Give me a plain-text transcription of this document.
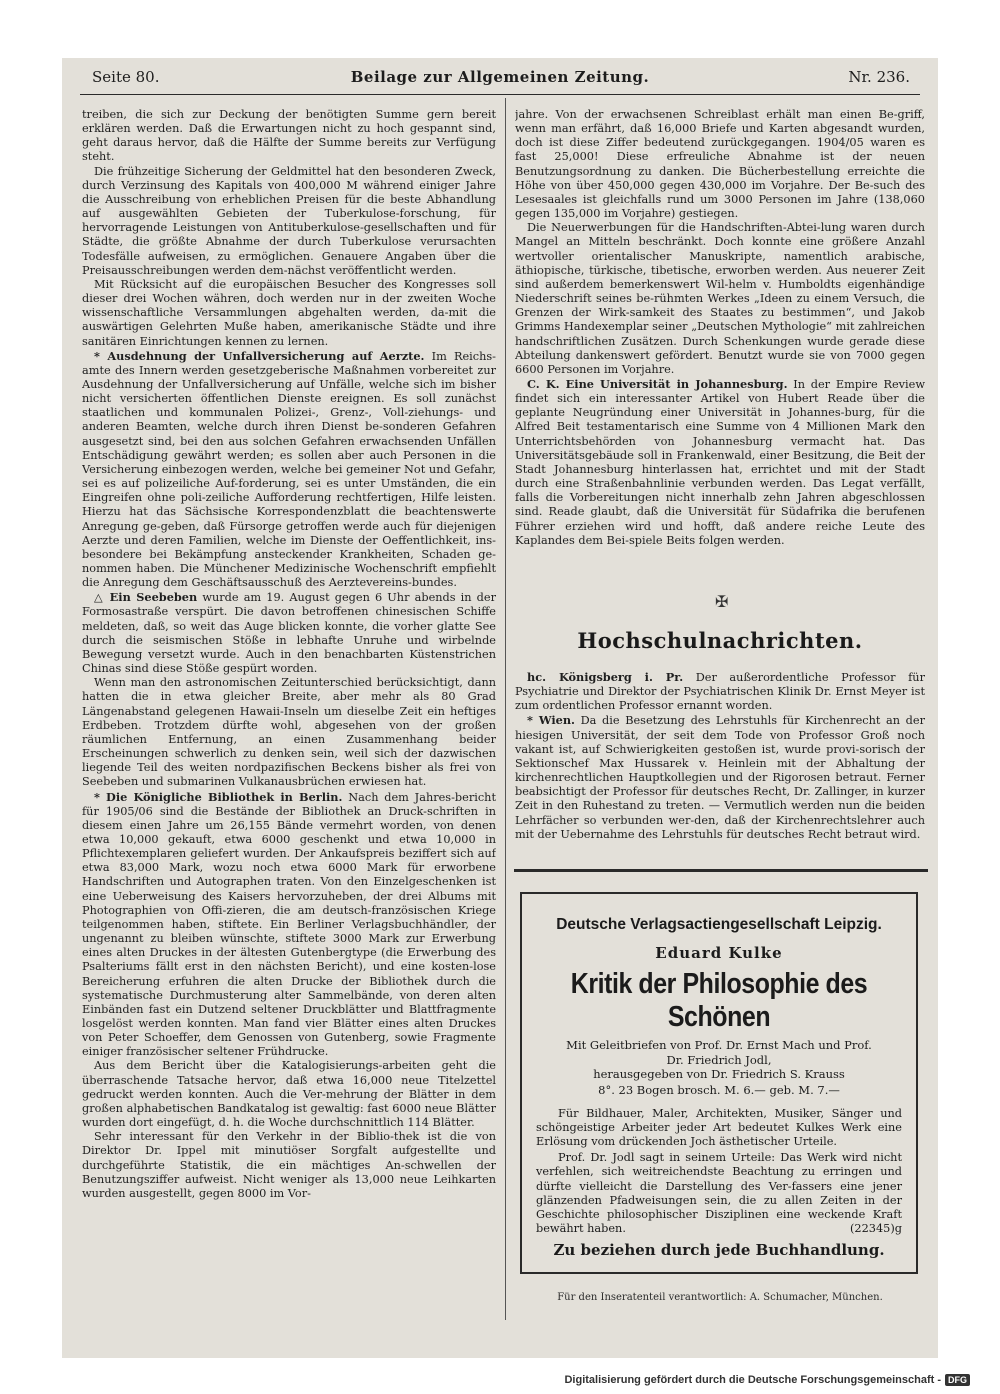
Seite 80.	Beilage zur Allgemeinen Zeitung.	Nr. 236.

treiben, die sich zur Deckung der benötigten Summe gern bereit erklären werden. Daß die Erwartungen nicht zu hoch gespannt sind, geht daraus hervor, daß die Hälfte der Summe bereits zur Verfügung steht.

Die frühzeitige Sicherung der Geldmittel hat den besonderen Zweck, durch Verzinsung des Kapitals von 400,000 M während einiger Jahre die Ausschreibung von erheblichen Preisen für die beste Abhandlung auf ausgewählten Gebieten der Tuberkulose-forschung, für hervorragende Leistungen von Antituberkulose-gesellschaften und für Städte, die größte Abnahme der durch Tuberkulose verursachten Todesfälle aufweisen, zu ermöglichen. Genauere Angaben über die Preisausschreibungen werden dem-nächst veröffentlicht werden.

Mit Rücksicht auf die europäischen Besucher des Kongresses soll dieser drei Wochen währen, doch werden nur in der zweiten Woche wissenschaftliche Versammlungen abgehalten werden, da-mit die auswärtigen Gelehrten Muße haben, amerikanische Städte und ihre sanitären Einrichtungen kennen zu lernen.

* Ausdehnung der Unfallversicherung auf Aerzte. Im Reichs-amte des Innern werden gesetzgeberische Maßnahmen vorbereitet zur Ausdehnung der Unfallversicherung auf Unfälle, welche sich im bisher nicht versicherten öffentlichen Dienste ereignen. Es soll zunächst staatlichen und kommunalen Polizei-, Grenz-, Voll-ziehungs- und anderen Beamten, welche durch ihren Dienst be-sonderen Gefahren ausgesetzt sind, bei den aus solchen Gefahren erwachsenden Unfällen Entschädigung gewährt werden; es sollen aber auch Personen in die Versicherung einbezogen werden, welche bei gemeiner Not und Gefahr, sei es auf polizeiliche Auf-forderung, sei es unter Umständen, die ein Eingreifen ohne poli-zeiliche Aufforderung rechtfertigen, Hilfe leisten. Hierzu hat das Sächsische Korrespondenzblatt die beachtenswerte Anregung ge-geben, daß Fürsorge getroffen werde auch für diejenigen Aerzte und deren Familien, welche im Dienste der Oeffentlichkeit, ins-besondere bei Bekämpfung ansteckender Krankheiten, Schaden ge-nommen haben. Die Münchener Medizinische Wochenschrift empfiehlt die Anregung dem Geschäftsausschuß des Aerztevereins-bundes.

△ Ein Seebeben wurde am 19. August gegen 6 Uhr abends in der Formosastraße verspürt. Die davon betroffenen chinesischen Schiffe meldeten, daß, so weit das Auge blicken konnte, die vorher glatte See durch die seismischen Stöße in lebhafte Unruhe und wirbelnde Bewegung versetzt wurde. Auch in den benachbarten Küstenstrichen Chinas sind diese Stöße gespürt worden.

Wenn man den astronomischen Zeitunterschied berücksichtigt, dann hatten die in etwa gleicher Breite, aber mehr als 80 Grad Längenabstand gelegenen Hawaii-Inseln um dieselbe Zeit ein heftiges Erdbeben. Trotzdem dürfte wohl, abgesehen von der großen räumlichen Entfernung, an einen Zusammenhang beider Erscheinungen schwerlich zu denken sein, weil sich der dazwischen liegende Teil des weiten nordpazifischen Beckens bisher als frei von Seebeben und submarinen Vulkanausbrüchen erwiesen hat.

* Die Königliche Bibliothek in Berlin. Nach dem Jahres-bericht für 1905/06 sind die Bestände der Bibliothek an Druck-schriften in diesem einen Jahre um 26,155 Bände vermehrt worden, von denen etwa 10,000 gekauft, etwa 6000 geschenkt und etwa 10,000 in Pflichtexemplaren geliefert wurden. Der Ankaufspreis beziffert sich auf etwa 83,000 Mark, wozu noch etwa 6000 Mark für erworbene Handschriften und Autographen traten. Von den Einzelgeschenken ist eine Ueberweisung des Kaisers hervorzuheben, der drei Albums mit Photographien von Offi-zieren, die am deutsch-französischen Kriege teilgenommen haben, stiftete. Ein Berliner Verlagsbuchhändler, der ungenannt zu bleiben wünschte, stiftete 3000 Mark zur Erwerbung eines alten Druckes in der ältesten Gutenbergtype (die Erwerbung des Psalteriums fällt erst in den nächsten Bericht), und eine kosten-lose Bereicherung erfuhren die alten Drucke der Bibliothek durch die systematische Durchmusterung alter Sammelbände, von deren alten Einbänden fast ein Dutzend seltener Druckblätter und Blattfragmente losgelöst werden konnten. Man fand vier Blätter eines alten Druckes von Peter Schoeffer, dem Genossen von Gutenberg, sowie Fragmente einiger französischer seltener Frühdrucke.

Aus dem Bericht über die Katalogisierungs-arbeiten geht die überraschende Tatsache hervor, daß etwa 16,000 neue Titelzettel gedruckt werden konnten. Auch die Ver-mehrung der Blätter in dem großen alphabetischen Bandkatalog ist gewaltig: fast 6000 neue Blätter wurden dort eingefügt, d. h. die Woche durchschnittlich 114 Blätter.

Sehr interessant für den Verkehr in der Biblio-thek ist die von Direktor Dr. Ippel mit minutiöser Sorgfalt aufgestellte und durchgeführte Statistik, die ein mächtiges An-schwellen der Benutzungsziffer aufweist. Nicht weniger als 13,000 neue Leihkarten wurden ausgestellt, gegen 8000 im Vor-

jahre. Von der erwachsenen Schreiblast erhält man einen Be-griff, wenn man erfährt, daß 16,000 Briefe und Karten abgesandt wurden, doch ist diese Ziffer bedeutend zurückgegangen. 1904/05 waren es fast 25,000! Diese erfreuliche Abnahme ist der neuen Benutzungsordnung zu danken. Die Bücherbestellung erreichte die Höhe von über 450,000 gegen 430,000 im Vorjahre. Der Be-such des Lesesaales ist gleichfalls rund um 3000 Personen im Jahre (138,060 gegen 135,000 im Vorjahre) gestiegen.

Die Neuerwerbungen für die Handschriften-Abtei-lung waren durch Mangel an Mitteln beschränkt. Doch konnte eine größere Anzahl wertvoller orientalischer Manuskripte, namentlich arabische, äthiopische, türkische, tibetische, erworben werden. Aus neuerer Zeit sind außerdem bemerkenswert Wil-helm v. Humboldts eigenhändige Niederschrift seines be-rühmten Werkes „Ideen zu einem Versuch, die Grenzen der Wirk-samkeit des Staates zu bestimmen“, und Jakob Grimms Handexemplar seiner „Deutschen Mythologie“ mit zahlreichen handschriftlichen Zusätzen. Durch Schenkungen wurde gerade diese Abteilung dankenswert gefördert. Benutzt wurde sie von 7000 gegen 6600 Personen im Vorjahre.

C. K. Eine Universität in Johannesburg. In der Empire Review findet sich ein interessanter Artikel von Hubert Reade über die geplante Neugründung einer Universität in Johannes-burg, für die Alfred Beit testamentarisch eine Summe von 4 Millionen Mark den Unterrichtsbehörden von Johannesburg vermacht hat. Das Universitätsgebäude soll in Frankenwald, einer Besitzung, die Beit der Stadt Johannesburg hinterlassen hat, errichtet und mit der Stadt durch eine Straßenbahnlinie verbunden werden. Das Legat verfällt, falls die Vorbereitungen nicht innerhalb zehn Jahren abgeschlossen sind. Reade glaubt, daß die Universität für Südafrika die berufenen Führer erziehen wird und hofft, daß andere reiche Leute des Kaplandes dem Bei-spiele Beits folgen werden.

✠
Hochschulnachrichten.

hc. Königsberg i. Pr. Der außerordentliche Professor für Psychiatrie und Direktor der Psychiatrischen Klinik Dr. Ernst Meyer ist zum ordentlichen Professor ernannt worden.

* Wien. Da die Besetzung des Lehrstuhls für Kirchenrecht an der hiesigen Universität, der seit dem Tode von Professor Groß noch vakant ist, auf Schwierigkeiten gestoßen ist, wurde provi-sorisch der Sektionschef Max Hussarek v. Heinlein mit der Abhaltung der kirchenrechtlichen Hauptkollegien und der Rigorosen betraut. Ferner beabsichtigt der Professor für deutsches Recht, Dr. Zallinger, in kurzer Zeit in den Ruhestand zu treten. — Vermutlich werden nun die beiden Lehrfächer so verbunden wer-den, daß der Kirchenrechtslehrer auch mit der Uebernahme des Lehrstuhls für deutsches Recht betraut wird.

Deutsche Verlagsactiengesellschaft Leipzig.
Eduard Kulke
Kritik der Philosophie des Schönen
Mit Geleitbriefen von Prof. Dr. Ernst Mach und Prof.
Dr. Friedrich Jodl,
herausgegeben von Dr. Friedrich S. Krauss
8°. 23 Bogen brosch. M. 6.— geb. M. 7.—
Für Bildhauer, Maler, Architekten, Musiker, Sänger und schöngeistige Arbeiter jeder Art bedeutet Kulkes Werk eine Erlösung vom drückenden Joch ästhetischer Urteile.
Prof. Dr. Jodl sagt in seinem Urteile: Das Werk wird nicht verfehlen, sich weitreichendste Beachtung zu erringen und dürfte vielleicht die Darstellung des Ver-fassers eine jener glänzenden Pfadweisungen sein, die zu allen Zeiten in der Geschichte philosophischer Disziplinen eine weckende Kraft bewährt haben.	(22345)g
Zu beziehen durch jede Buchhandlung.
Für den Inseratenteil verantwortlich: A. Schumacher, München.
Digitalisierung gefördert durch die Deutsche Forschungsgemeinschaft - DFG
